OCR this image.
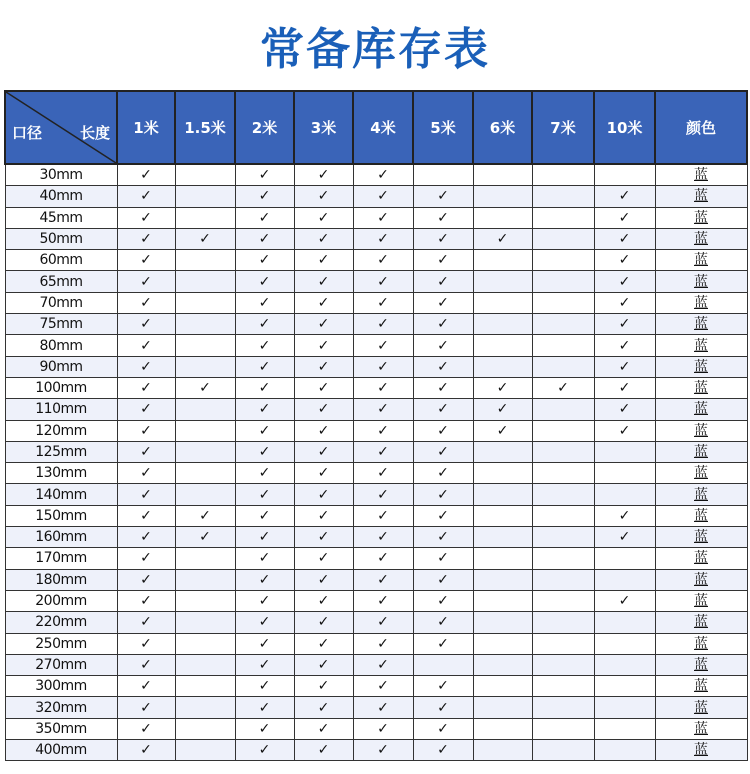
常备库存表
口径 长度	1米	1.5米	2米	3米	4米	5米	6米	7米	10米	颜色
30mm	✓		✓	✓	✓					蓝
40mm	✓		✓	✓	✓	✓			✓	蓝
45mm	✓		✓	✓	✓	✓			✓	蓝
50mm	✓	✓	✓	✓	✓	✓	✓		✓	蓝
60mm	✓		✓	✓	✓	✓			✓	蓝
65mm	✓		✓	✓	✓	✓			✓	蓝
70mm	✓		✓	✓	✓	✓			✓	蓝
75mm	✓		✓	✓	✓	✓			✓	蓝
80mm	✓		✓	✓	✓	✓			✓	蓝
90mm	✓		✓	✓	✓	✓			✓	蓝
100mm	✓	✓	✓	✓	✓	✓	✓	✓	✓	蓝
110mm	✓		✓	✓	✓	✓	✓		✓	蓝
120mm	✓		✓	✓	✓	✓	✓		✓	蓝
125mm	✓		✓	✓	✓	✓				蓝
130mm	✓		✓	✓	✓	✓				蓝
140mm	✓		✓	✓	✓	✓				蓝
150mm	✓	✓	✓	✓	✓	✓			✓	蓝
160mm	✓	✓	✓	✓	✓	✓			✓	蓝
170mm	✓		✓	✓	✓	✓				蓝
180mm	✓		✓	✓	✓	✓				蓝
200mm	✓		✓	✓	✓	✓			✓	蓝
220mm	✓		✓	✓	✓	✓				蓝
250mm	✓		✓	✓	✓	✓				蓝
270mm	✓		✓	✓	✓					蓝
300mm	✓		✓	✓	✓	✓				蓝
320mm	✓		✓	✓	✓	✓				蓝
350mm	✓		✓	✓	✓	✓				蓝
400mm	✓		✓	✓	✓	✓				蓝
